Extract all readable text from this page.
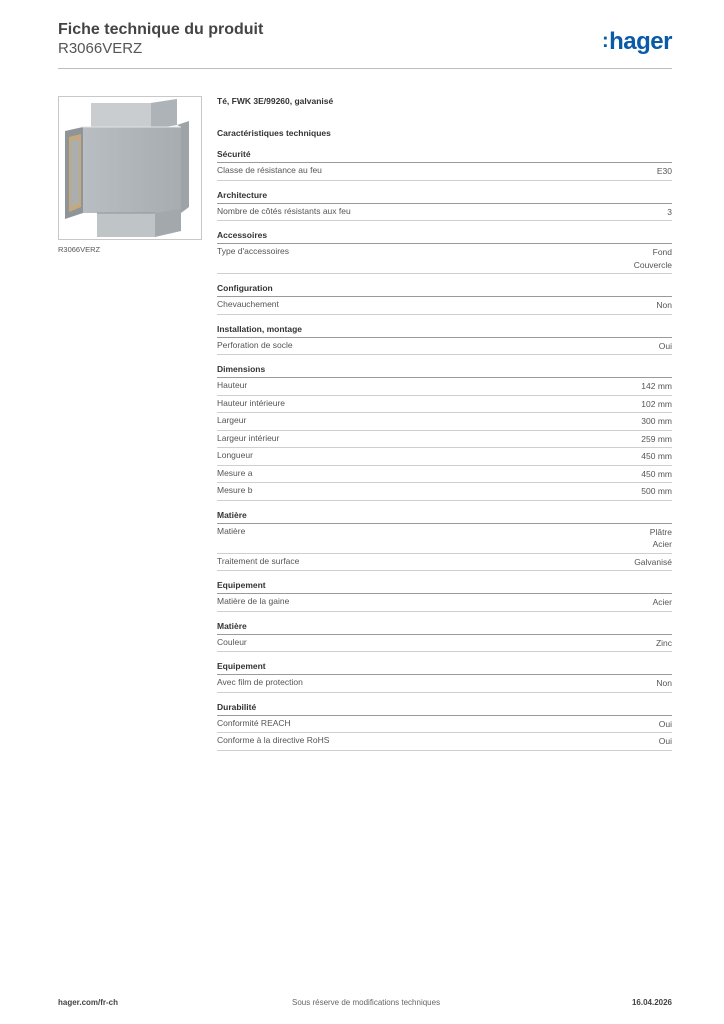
Fiche technique du produit
R3066VERZ	:hager
R3066VERZ
Té, FWK 3E/99260, galvanisé
Caractéristiques techniques
Sécurité
Classe de résistance au feu	E30
Architecture
Nombre de côtés résistants aux feu	3
Accessoires
Type d'accessoires	Fond
Couvercle
Configuration
Chevauchement	Non
Installation, montage
Perforation de socle	Oui
Dimensions
Hauteur	142 mm
Hauteur intérieure	102 mm
Largeur	300 mm
Largeur intérieur	259 mm
Longueur	450 mm
Mesure a	450 mm
Mesure b	500 mm
Matière
Matière	Plâtre
Acier
Traitement de surface	Galvanisé
Equipement
Matière de la gaine	Acier
Matière
Couleur	Zinc
Equipement
Avec film de protection	Non
Durabilité
Conformité REACH	Oui
Conforme à la directive RoHS	Oui
hager.com/fr-ch	Sous réserve de modifications techniques	16.04.2026
